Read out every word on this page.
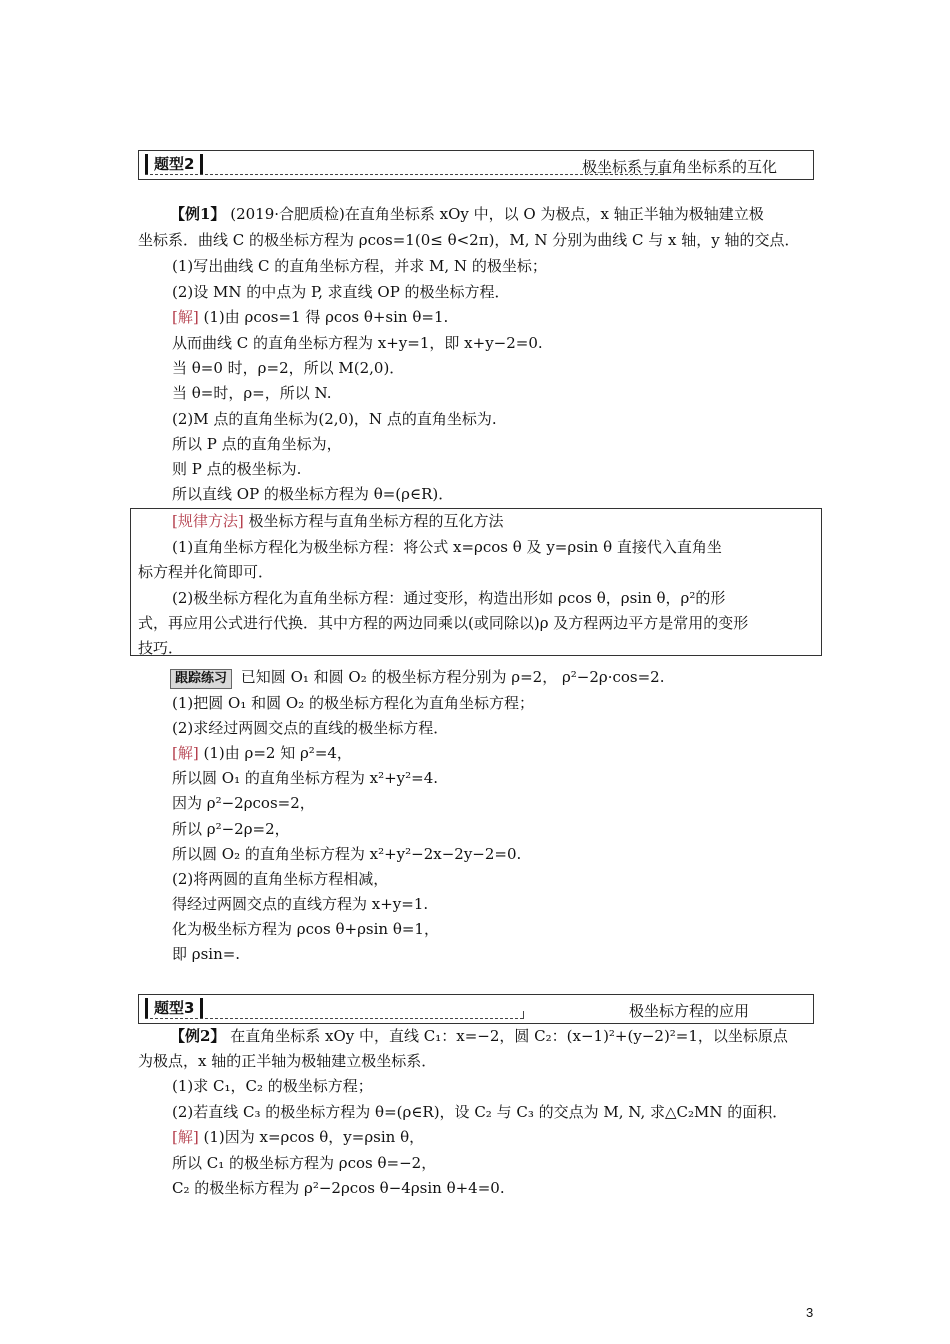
题型2	极坐标系与直角坐标系的互化
【例1】 (2019·合肥质检)在直角坐标系 xOy 中，以 O 为极点，x 轴正半轴为极轴建立极
坐标系．曲线 C 的极坐标方程为 ρcos=1(0≤ θ<2π)，M, N 分别为曲线 C 与 x 轴，y 轴的交点．
(1)写出曲线 C 的直角坐标方程，并求 M, N 的极坐标；
(2)设 MN 的中点为 P, 求直线 OP 的极坐标方程．
[解] (1)由 ρcos=1 得 ρcos θ+sin θ=1.
从而曲线 C 的直角坐标方程为 x+y=1，即 x+y−2=0.
当 θ=0 时，ρ=2，所以 M(2,0)．
当 θ=时，ρ=，所以 N.
(2)M 点的直角坐标为(2,0)，N 点的直角坐标为.
所以 P 点的直角坐标为，
则 P 点的极坐标为.
所以直线 OP 的极坐标方程为 θ=(ρ∈R)．
[规律方法] 极坐标方程与直角坐标方程的互化方法
(1)直角坐标方程化为极坐标方程：将公式 x=ρcos θ 及 y=ρsin θ 直接代入直角坐
标方程并化简即可．
(2)极坐标方程化为直角坐标方程：通过变形，构造出形如 ρcos θ，ρsin θ，ρ²的形
式，再应用公式进行代换．其中方程的两边同乘以(或同除以)ρ 及方程两边平方是常用的变形
技巧．
跟踪练习 已知圆 O₁ 和圆 O₂ 的极坐标方程分别为 ρ=2， ρ²−2ρ·cos=2.
(1)把圆 O₁ 和圆 O₂ 的极坐标方程化为直角坐标方程；
(2)求经过两圆交点的直线的极坐标方程．
[解] (1)由 ρ=2 知 ρ²=4，
所以圆 O₁ 的直角坐标方程为 x²+y²=4.
因为 ρ²−2ρcos=2，
所以 ρ²−2ρ=2，
所以圆 O₂ 的直角坐标方程为 x²+y²−2x−2y−2=0.
(2)将两圆的直角坐标方程相减，
得经过两圆交点的直线方程为 x+y=1.
化为极坐标方程为 ρcos θ+ρsin θ=1，
即 ρsin=.
题型3	极坐标方程的应用
【例2】 在直角坐标系 xOy 中，直线 C₁：x=−2，圆 C₂：(x−1)²+(y−2)²=1，以坐标原点
为极点，x 轴的正半轴为极轴建立极坐标系．
(1)求 C₁，C₂ 的极坐标方程；
(2)若直线 C₃ 的极坐标方程为 θ=(ρ∈R)，设 C₂ 与 C₃ 的交点为 M, N, 求△C₂MN 的面积．
[解] (1)因为 x=ρcos θ，y=ρsin θ，
所以 C₁ 的极坐标方程为 ρcos θ=−2，
C₂ 的极坐标方程为 ρ²−2ρcos θ−4ρsin θ+4=0.
3
